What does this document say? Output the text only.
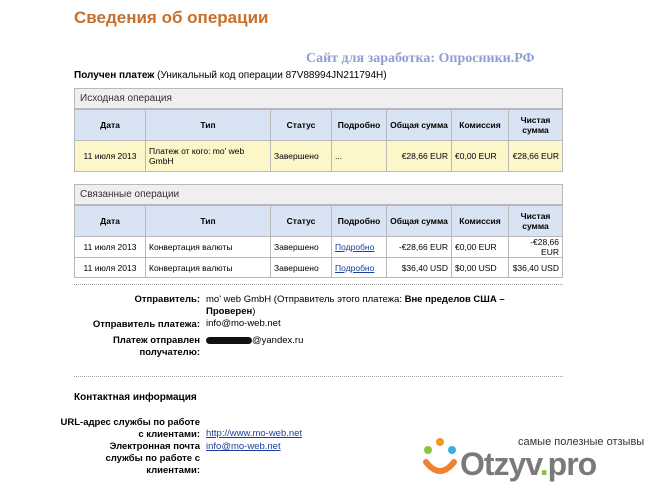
Сведения об операции
Сайт для заработка: Опросники.РФ
Получен платеж (Уникальный код операции 87V88994JN211794H)
Исходная операция
Дата	Тип	Статус	Подробно	Общая сумма	Комиссия	Чистая сумма
11 июля 2013	Платеж от кого: mo' web GmbH	Завершено	...	€28,66 EUR	€0,00 EUR	€28,66 EUR
Связанные операции
Дата	Тип	Статус	Подробно	Общая сумма	Комиссия	Чистая сумма
11 июля 2013	Конвертация валюты	Завершено	Подробно	-€28,66 EUR	€0,00 EUR	-€28,66 EUR
11 июля 2013	Конвертация валюты	Завершено	Подробно	$36,40 USD	$0,00 USD	$36,40 USD
Отправитель: mo' web GmbH (Отправитель этого платежа: Вне пределов США – Проверен)
Отправитель платежа: info@mo-web.net
Платеж отправлен получателю:
@yandex.ru
Контактная информация
URL-адрес службы по работе с клиентами: http://www.mo-web.net
Электронная почта службы по работе с клиентами:
info@mo-web.net	самые полезные отзывы
Otzyv.pro
